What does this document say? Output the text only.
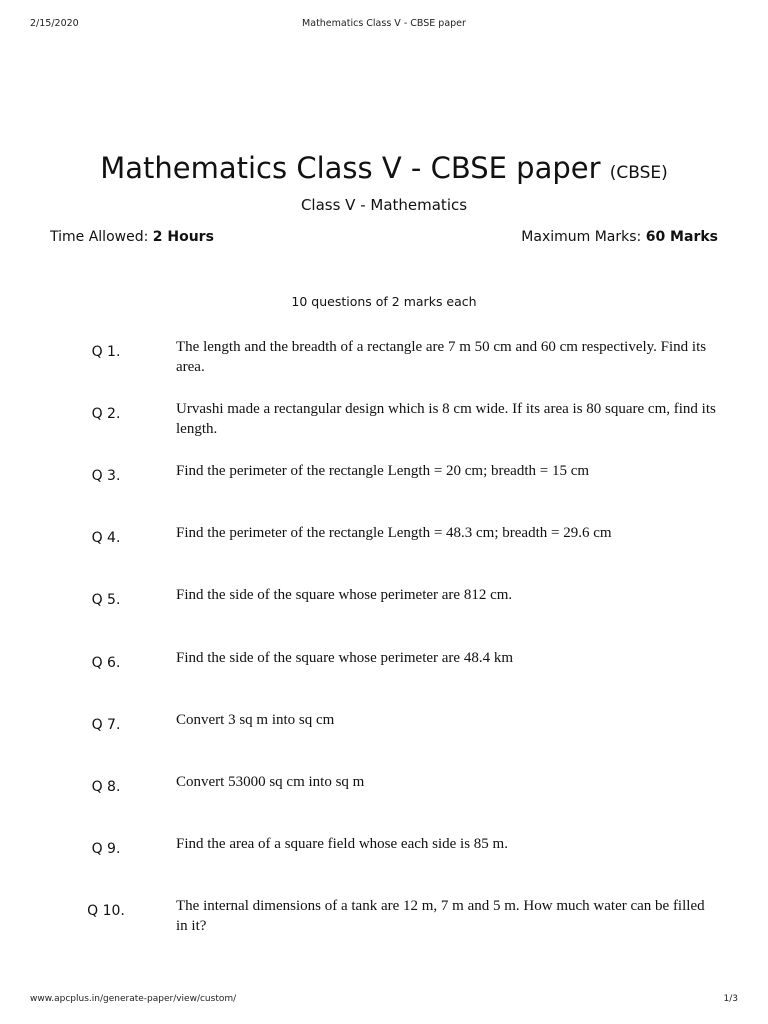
2/15/2020	Mathematics Class V - CBSE paper
Mathematics Class V - CBSE paper (CBSE)
Class V - Mathematics
Time Allowed: 2 Hours	Maximum Marks: 60 Marks
10 questions of 2 marks each
Q 1.	The length and the breadth of a rectangle are 7 m 50 cm and 60 cm respectively. Find its area.
Q 2.	Urvashi made a rectangular design which is 8 cm wide. If its area is 80 square cm, find its length.
Q 3.	Find the perimeter of the rectangle Length = 20 cm; breadth = 15 cm
Q 4.	Find the perimeter of the rectangle Length = 48.3 cm; breadth = 29.6 cm
Q 5.	Find the side of the square whose perimeter are 812 cm.
Q 6.	Find the side of the square whose perimeter are 48.4 km
Q 7.	Convert 3 sq m into sq cm
Q 8.	Convert 53000 sq cm into sq m
Q 9.	Find the area of a square field whose each side is 85 m.
Q 10.	The internal dimensions of a tank are 12 m, 7 m and 5 m. How much water can be filled in it?
www.apcplus.in/generate-paper/view/custom/	1/3
